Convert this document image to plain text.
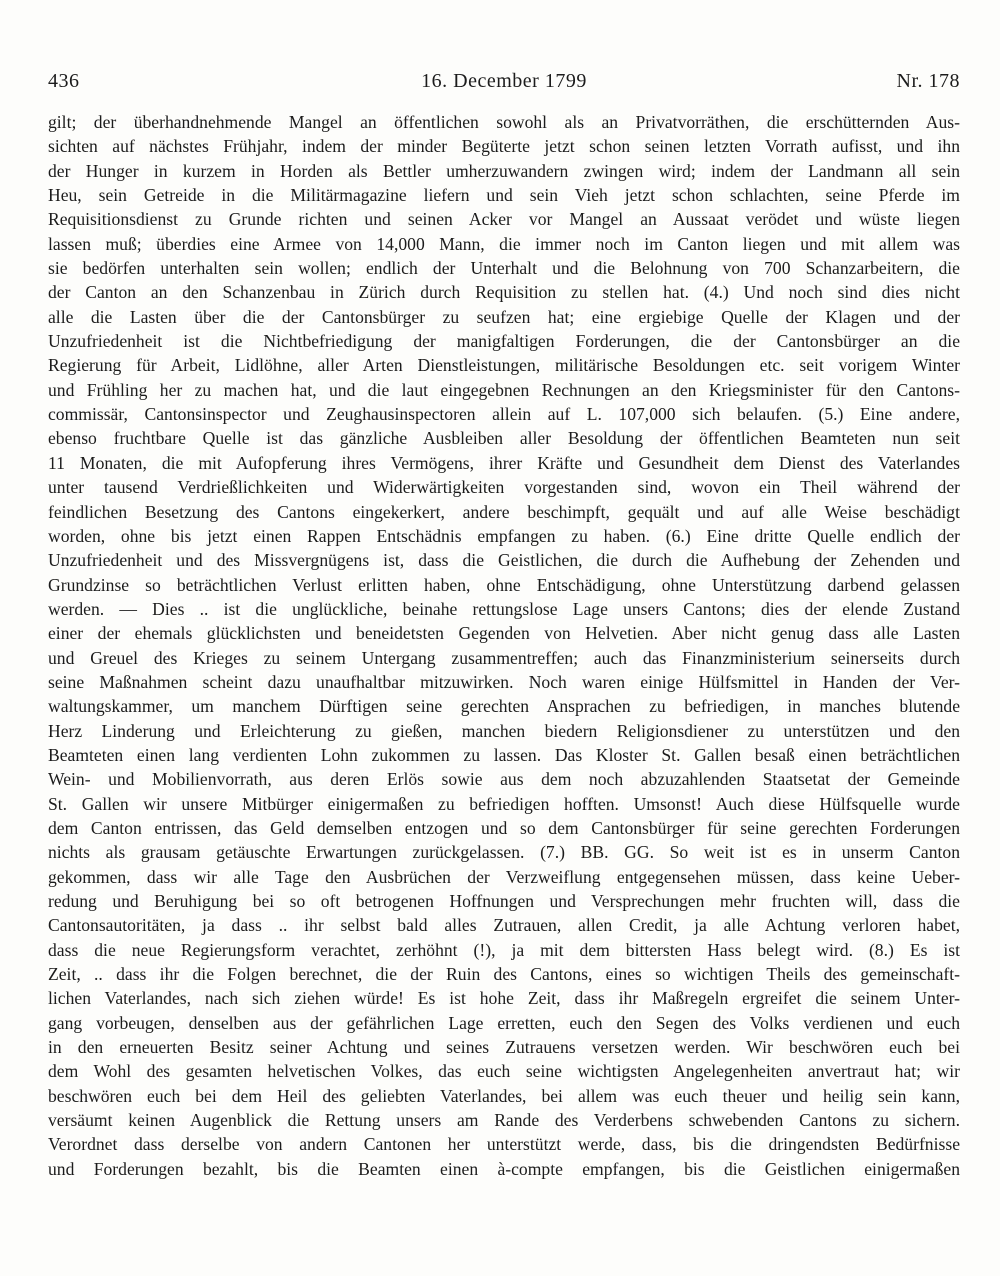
436	16. December 1799	Nr. 178
gilt; der überhandnehmende Mangel an öffentlichen sowohl als an Privatvorräthen, die erschütternden Aus-
sichten auf nächstes Frühjahr, indem der minder Begüterte jetzt schon seinen letzten Vorrath aufisst, und ihn
der Hunger in kurzem in Horden als Bettler umherzuwandern zwingen wird; indem der Landmann all sein
Heu, sein Getreide in die Militärmagazine liefern und sein Vieh jetzt schon schlachten, seine Pferde im
Requisitionsdienst zu Grunde richten und seinen Acker vor Mangel an Aussaat verödet und wüste liegen
lassen muß; überdies eine Armee von 14,000 Mann, die immer noch im Canton liegen und mit allem was
sie bedörfen unterhalten sein wollen; endlich der Unterhalt und die Belohnung von 700 Schanzarbeitern, die
der Canton an den Schanzenbau in Zürich durch Requisition zu stellen hat. (4.) Und noch sind dies nicht
alle die Lasten über die der Cantonsbürger zu seufzen hat; eine ergiebige Quelle der Klagen und der
Unzufriedenheit ist die Nichtbefriedigung der manigfaltigen Forderungen, die der Cantonsbürger an die
Regierung für Arbeit, Lidlöhne, aller Arten Dienstleistungen, militärische Besoldungen etc. seit vorigem Winter
und Frühling her zu machen hat, und die laut eingegebnen Rechnungen an den Kriegsminister für den Cantons-
commissär, Cantonsinspector und Zeughausinspectoren allein auf L. 107,000 sich belaufen. (5.) Eine andere,
ebenso fruchtbare Quelle ist das gänzliche Ausbleiben aller Besoldung der öffentlichen Beamteten nun seit
11 Monaten, die mit Aufopferung ihres Vermögens, ihrer Kräfte und Gesundheit dem Dienst des Vaterlandes
unter tausend Verdrießlichkeiten und Widerwärtigkeiten vorgestanden sind, wovon ein Theil während der
feindlichen Besetzung des Cantons eingekerkert, andere beschimpft, gequält und auf alle Weise beschädigt
worden, ohne bis jetzt einen Rappen Entschädnis empfangen zu haben. (6.) Eine dritte Quelle endlich der
Unzufriedenheit und des Missvergnügens ist, dass die Geistlichen, die durch die Aufhebung der Zehenden und
Grundzinse so beträchtlichen Verlust erlitten haben, ohne Entschädigung, ohne Unterstützung darbend gelassen
werden. — Dies .. ist die unglückliche, beinahe rettungslose Lage unsers Cantons; dies der elende Zustand
einer der ehemals glücklichsten und beneidetsten Gegenden von Helvetien. Aber nicht genug dass alle Lasten
und Greuel des Krieges zu seinem Untergang zusammentreffen; auch das Finanzministerium seinerseits durch
seine Maßnahmen scheint dazu unaufhaltbar mitzuwirken. Noch waren einige Hülfsmittel in Handen der Ver-
waltungskammer, um manchem Dürftigen seine gerechten Ansprachen zu befriedigen, in manches blutende
Herz Linderung und Erleichterung zu gießen, manchen biedern Religionsdiener zu unterstützen und den
Beamteten einen lang verdienten Lohn zukommen zu lassen. Das Kloster St. Gallen besaß einen beträchtlichen
Wein- und Mobilienvorrath, aus deren Erlös sowie aus dem noch abzuzahlenden Staatsetat der Gemeinde
St. Gallen wir unsere Mitbürger einigermaßen zu befriedigen hofften. Umsonst! Auch diese Hülfsquelle wurde
dem Canton entrissen, das Geld demselben entzogen und so dem Cantonsbürger für seine gerechten Forderungen
nichts als grausam getäuschte Erwartungen zurückgelassen. (7.) BB. GG. So weit ist es in unserm Canton
gekommen, dass wir alle Tage den Ausbrüchen der Verzweiflung entgegensehen müssen, dass keine Ueber-
redung und Beruhigung bei so oft betrogenen Hoffnungen und Versprechungen mehr fruchten will, dass die
Cantonsautoritäten, ja dass .. ihr selbst bald alles Zutrauen, allen Credit, ja alle Achtung verloren habet,
dass die neue Regierungsform verachtet, zerhöhnt (!), ja mit dem bittersten Hass belegt wird. (8.) Es ist
Zeit, .. dass ihr die Folgen berechnet, die der Ruin des Cantons, eines so wichtigen Theils des gemeinschaft-
lichen Vaterlandes, nach sich ziehen würde! Es ist hohe Zeit, dass ihr Maßregeln ergreifet die seinem Unter-
gang vorbeugen, denselben aus der gefährlichen Lage erretten, euch den Segen des Volks verdienen und euch
in den erneuerten Besitz seiner Achtung und seines Zutrauens versetzen werden. Wir beschwören euch bei
dem Wohl des gesamten helvetischen Volkes, das euch seine wichtigsten Angelegenheiten anvertraut hat; wir
beschwören euch bei dem Heil des geliebten Vaterlandes, bei allem was euch theuer und heilig sein kann,
versäumt keinen Augenblick die Rettung unsers am Rande des Verderbens schwebenden Cantons zu sichern.
Verordnet dass derselbe von andern Cantonen her unterstützt werde, dass, bis die dringendsten Bedürfnisse
und Forderungen bezahlt, bis die Beamten einen à-compte empfangen, bis die Geistlichen einigermaßen
